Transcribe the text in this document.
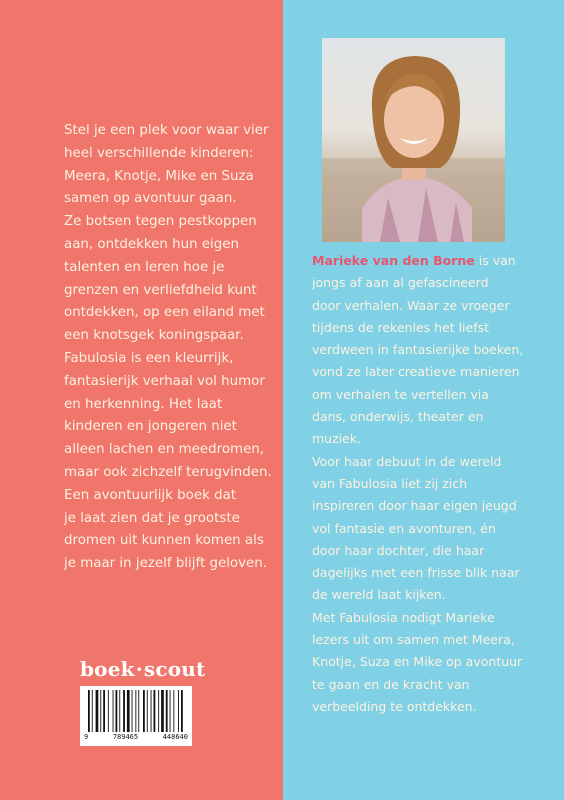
Stel je een plek voor waar vier

heel verschillende kinderen:

Meera, Knotje, Mike en Suza

samen op avontuur gaan.

Ze botsen tegen pestkoppen

aan, ontdekken hun eigen

talenten en leren hoe je

grenzen en verliefdheid kunt

ontdekken, op een eiland met

een knotsgek koningspaar.

Fabulosia is een kleurrijk,

fantasierijk verhaal vol humor

en herkenning. Het laat

kinderen en jongeren niet

alleen lachen en meedromen,

maar ook zichzelf terugvinden.

Een avontuurlijk boek dat

je laat zien dat je grootste

dromen uit kunnen komen als

je maar in jezelf blijft geloven.

boek·scout
9	789465	448640

Marieke van den Borne is van

jongs af aan al gefascineerd

door verhalen. Waar ze vroeger

tijdens de rekenles het liefst

verdween in fantasierijke boeken,

vond ze later creatieve manieren

om verhalen te vertellen via

dans, onderwijs, theater en

muziek.

Voor haar debuut in de wereld

van Fabulosia liet zij zich

inspireren door haar eigen jeugd

vol fantasie en avonturen, én

door haar dochter, die haar

dagelijks met een frisse blik naar

de wereld laat kijken.

Met Fabulosia nodigt Marieke

lezers uit om samen met Meera,

Knotje, Suza en Mike op avontuur

te gaan en de kracht van

verbeelding te ontdekken.
